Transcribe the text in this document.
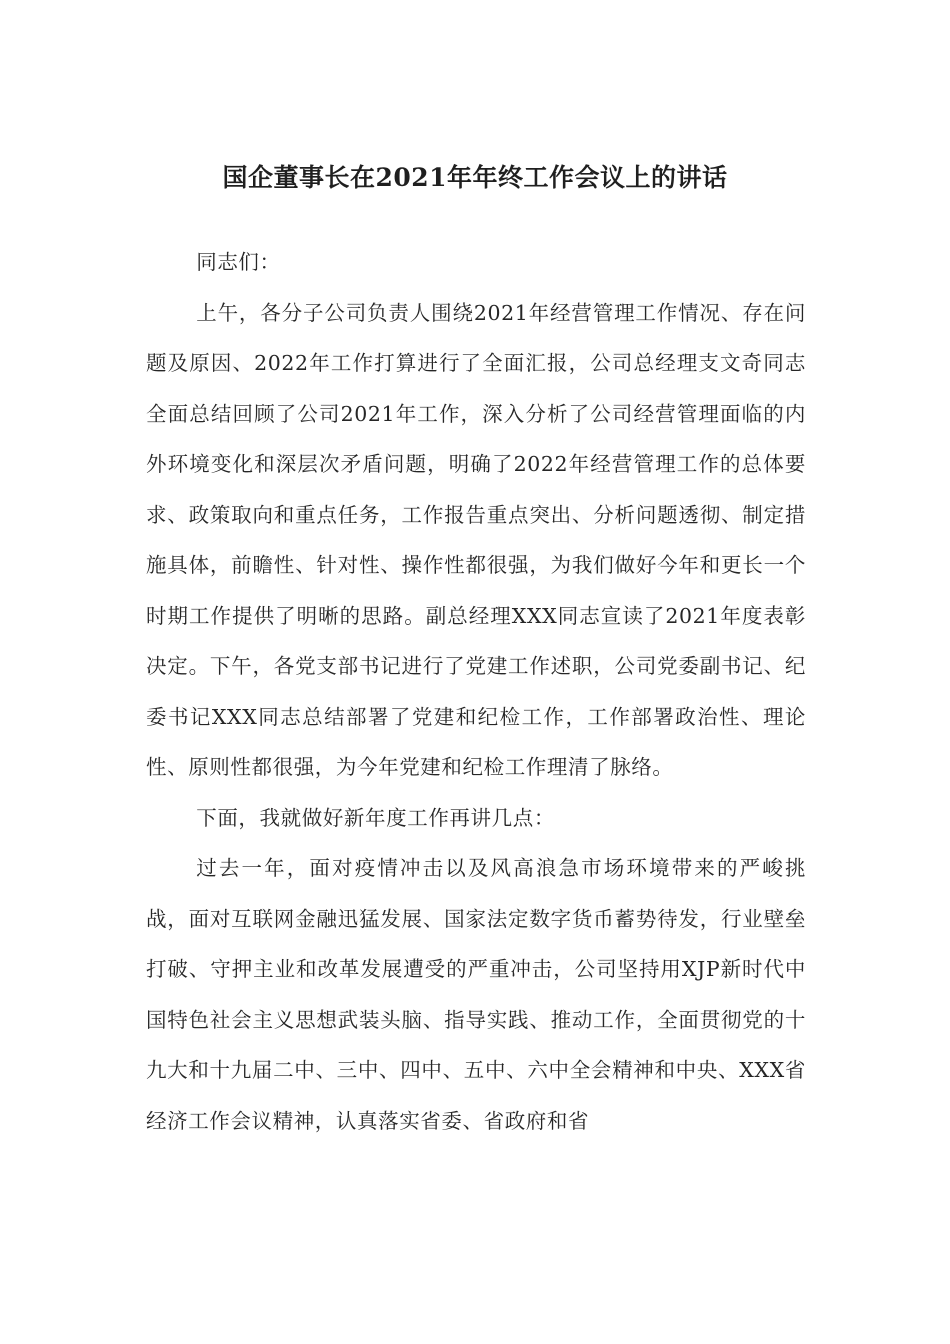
国企董事长在2021年年终工作会议上的讲话

同志们：

上午，各分子公司负责人围绕2021年经营管理工作情况、存在问题及原因、2022年工作打算进行了全面汇报，公司总经理支文奇同志全面总结回顾了公司2021年工作，深入分析了公司经营管理面临的内外环境变化和深层次矛盾问题，明确了2022年经营管理工作的总体要求、政策取向和重点任务，工作报告重点突出、分析问题透彻、制定措施具体，前瞻性、针对性、操作性都很强，为我们做好今年和更长一个时期工作提供了明晰的思路。副总经理XXX同志宣读了2021年度表彰决定。下午，各党支部书记进行了党建工作述职，公司党委副书记、纪委书记XXX同志总结部署了党建和纪检工作，工作部署政治性、理论性、原则性都很强，为今年党建和纪检工作理清了脉络。

下面，我就做好新年度工作再讲几点：

过去一年，面对疫情冲击以及风高浪急市场环境带来的严峻挑战，面对互联网金融迅猛发展、国家法定数字货币蓄势待发，行业壁垒打破、守押主业和改革发展遭受的严重冲击，公司坚持用XJP新时代中国特色社会主义思想武装头脑、指导实践、推动工作，全面贯彻党的十九大和十九届二中、三中、四中、五中、六中全会精神和中央、XXX省经济工作会议精神，认真落实省委、省政府和省
